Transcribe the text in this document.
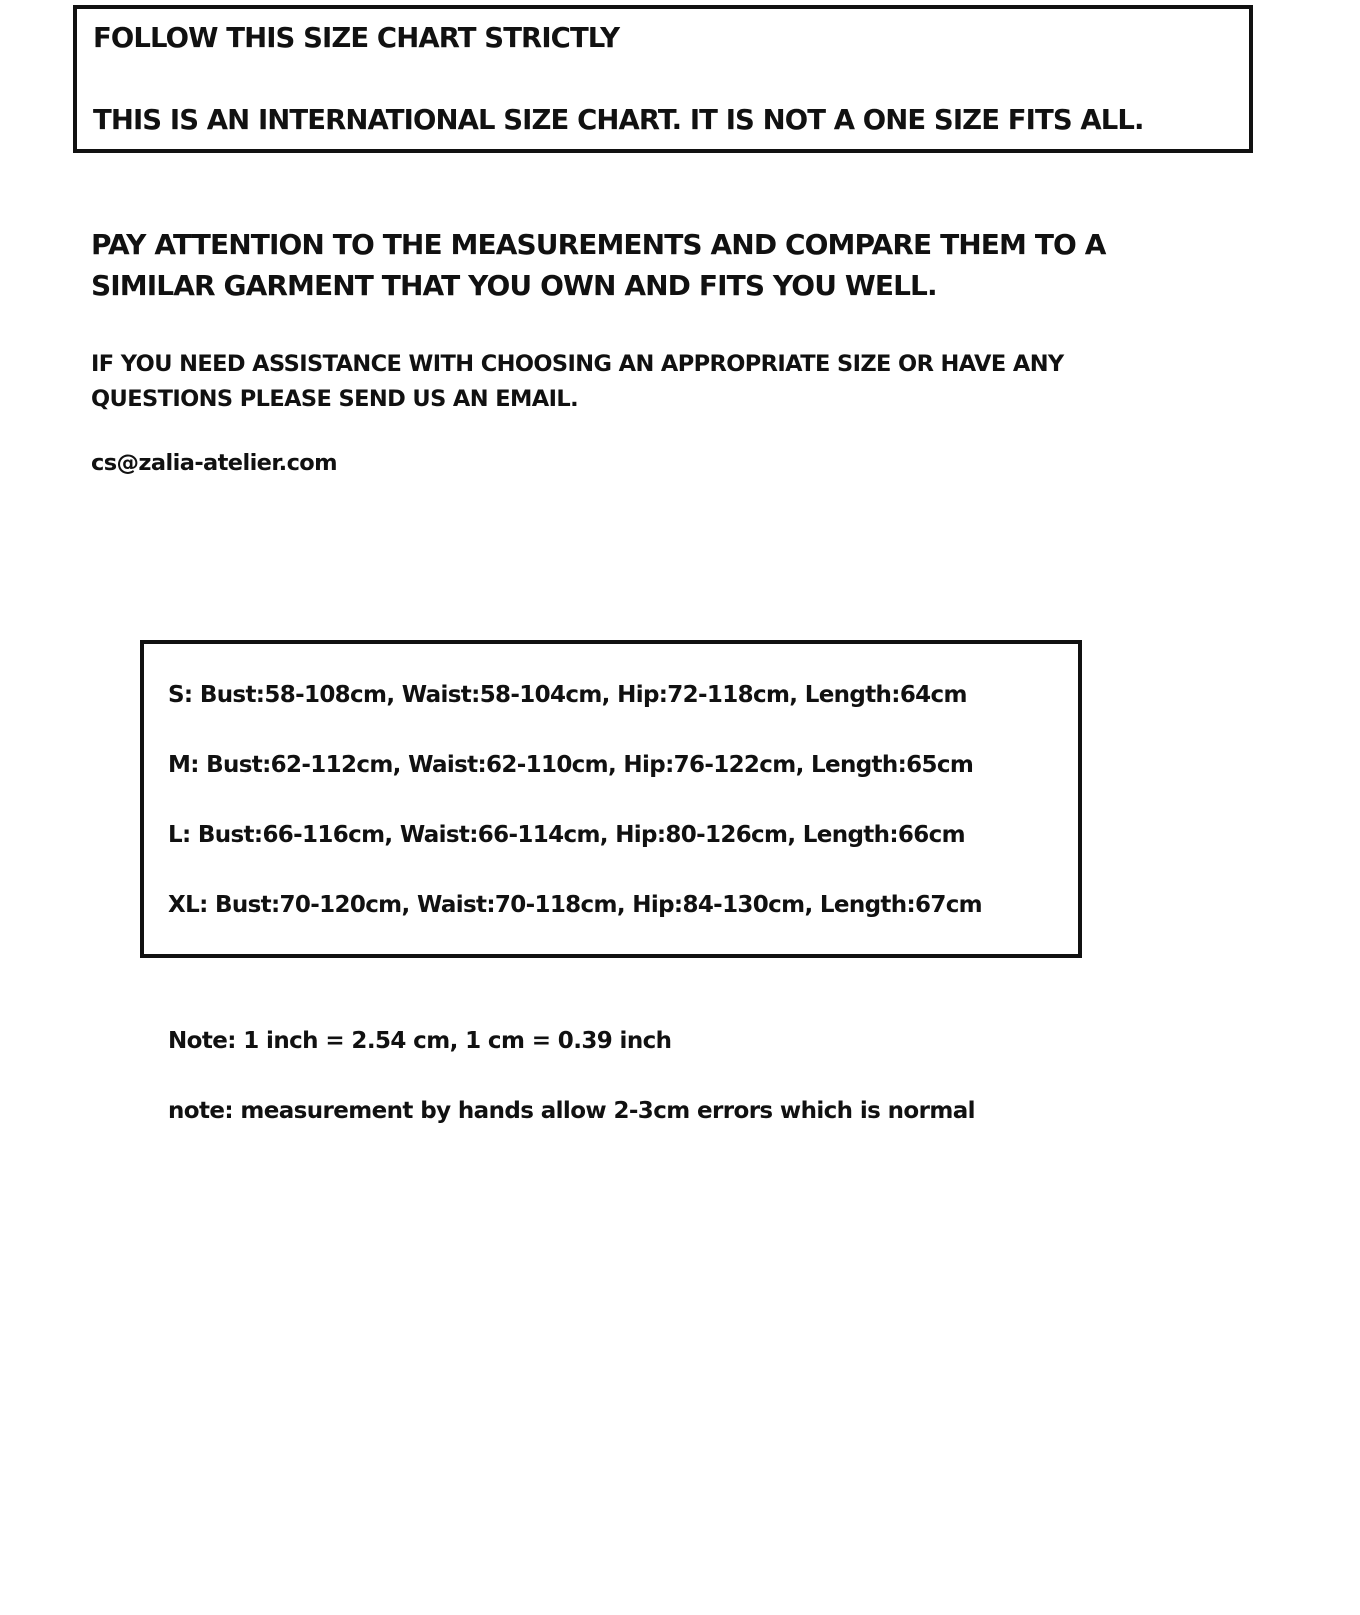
FOLLOW THIS SIZE CHART STRICTLY
THIS IS AN INTERNATIONAL SIZE CHART. IT IS NOT A ONE SIZE FITS ALL.
PAY ATTENTION TO THE MEASUREMENTS AND COMPARE THEM TO A
SIMILAR GARMENT THAT YOU OWN AND FITS YOU WELL.
IF YOU NEED ASSISTANCE WITH CHOOSING AN APPROPRIATE SIZE OR HAVE ANY
QUESTIONS PLEASE SEND US AN EMAIL.
cs@zalia-atelier.com
S: Bust:58-108cm, Waist:58-104cm, Hip:72-118cm, Length:64cm
M: Bust:62-112cm, Waist:62-110cm, Hip:76-122cm, Length:65cm
L: Bust:66-116cm, Waist:66-114cm, Hip:80-126cm, Length:66cm
XL: Bust:70-120cm, Waist:70-118cm, Hip:84-130cm, Length:67cm
Note: 1 inch = 2.54 cm, 1 cm = 0.39 inch
note: measurement by hands allow 2-3cm errors which is normal
